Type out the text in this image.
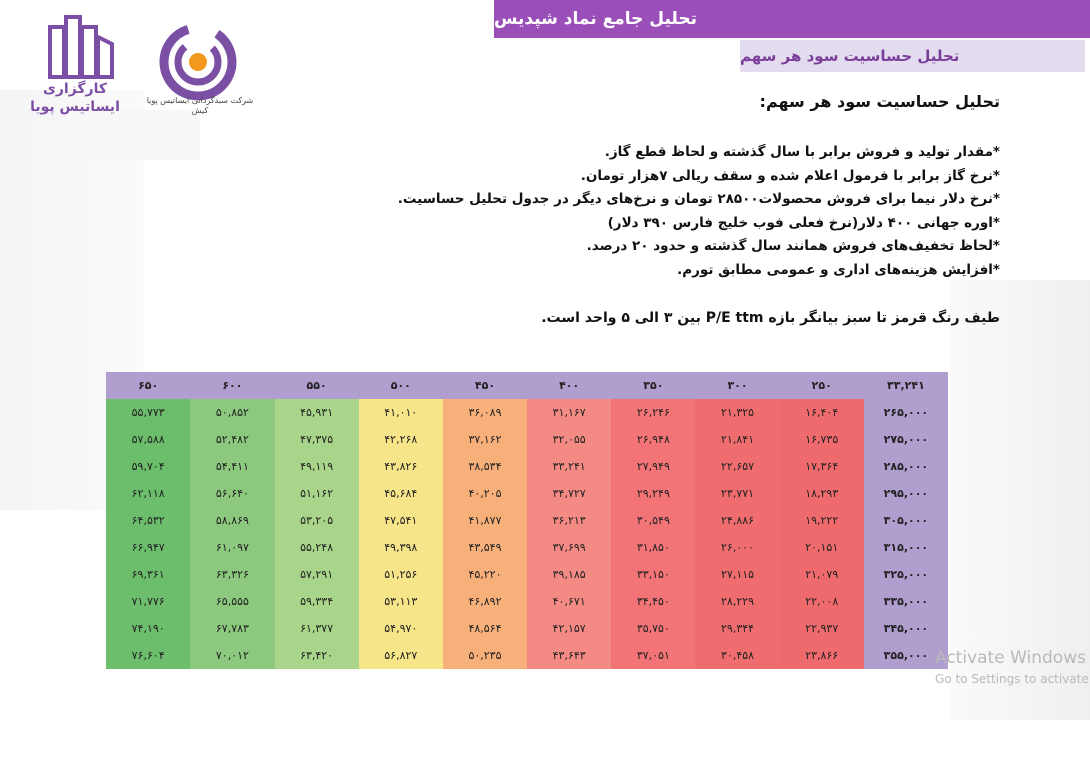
تحلیل جامع نماد شپدیس
تحلیل حساسیت سود هر سهم
کارگزاری ایساتیس پویا	شرکت سبدگردانی ایساتیس پویا کیش	تحلیل حساسیت سود هر سهم:

*مقدار تولید و فروش برابر با سال گذشته و لحاظ قطع گاز.

*نرخ گاز برابر با فرمول اعلام شده و سقف ریالی ۷هزار تومان.

*نرخ دلار نیما برای فروش محصولات۲۸۵۰۰ تومان و نرخ‌های دیگر در جدول تحلیل حساسیت.

*اوره جهانی ۴۰۰ دلار(نرخ فعلی فوب خلیج فارس ۳۹۰ دلار)

*لحاظ تخفیف‌های فروش همانند سال گذشته و حدود ۲۰ درصد.

*افزایش هزینه‌های اداری و عمومی مطابق تورم.

طیف رنگ قرمز تا سبز بیانگر بازه P/E ttm بین ۳ الی ۵ واحد است.

۳۳,۲۴۱	۲۵۰	۳۰۰	۳۵۰	۴۰۰	۴۵۰	۵۰۰	۵۵۰	۶۰۰	۶۵۰
۲۶۵,۰۰۰	۱۶,۴۰۴	۲۱,۳۲۵	۲۶,۲۴۶	۳۱,۱۶۷	۳۶,۰۸۹	۴۱,۰۱۰	۴۵,۹۳۱	۵۰,۸۵۲	۵۵,۷۷۳
۲۷۵,۰۰۰	۱۶,۷۳۵	۲۱,۸۴۱	۲۶,۹۴۸	۳۲,۰۵۵	۳۷,۱۶۲	۴۲,۲۶۸	۴۷,۳۷۵	۵۲,۴۸۲	۵۷,۵۸۸
۲۸۵,۰۰۰	۱۷,۳۶۴	۲۲,۶۵۷	۲۷,۹۴۹	۳۳,۲۴۱	۳۸,۵۳۴	۴۳,۸۲۶	۴۹,۱۱۹	۵۴,۴۱۱	۵۹,۷۰۴
۲۹۵,۰۰۰	۱۸,۲۹۳	۲۳,۷۷۱	۲۹,۲۴۹	۳۴,۷۲۷	۴۰,۲۰۵	۴۵,۶۸۴	۵۱,۱۶۲	۵۶,۶۴۰	۶۲,۱۱۸
۳۰۵,۰۰۰	۱۹,۲۲۲	۲۴,۸۸۶	۳۰,۵۴۹	۳۶,۲۱۳	۴۱,۸۷۷	۴۷,۵۴۱	۵۳,۲۰۵	۵۸,۸۶۹	۶۴,۵۳۲
۳۱۵,۰۰۰	۲۰,۱۵۱	۲۶,۰۰۰	۳۱,۸۵۰	۳۷,۶۹۹	۴۳,۵۴۹	۴۹,۳۹۸	۵۵,۲۴۸	۶۱,۰۹۷	۶۶,۹۴۷
۳۲۵,۰۰۰	۲۱,۰۷۹	۲۷,۱۱۵	۳۳,۱۵۰	۳۹,۱۸۵	۴۵,۲۲۰	۵۱,۲۵۶	۵۷,۲۹۱	۶۳,۳۲۶	۶۹,۳۶۱
۳۳۵,۰۰۰	۲۲,۰۰۸	۲۸,۲۲۹	۳۴,۴۵۰	۴۰,۶۷۱	۴۶,۸۹۲	۵۳,۱۱۳	۵۹,۳۳۴	۶۵,۵۵۵	۷۱,۷۷۶
۳۴۵,۰۰۰	۲۲,۹۳۷	۲۹,۳۴۴	۳۵,۷۵۰	۴۲,۱۵۷	۴۸,۵۶۴	۵۴,۹۷۰	۶۱,۳۷۷	۶۷,۷۸۳	۷۴,۱۹۰
۳۵۵,۰۰۰	۲۳,۸۶۶	۳۰,۴۵۸	۳۷,۰۵۱	۴۳,۶۴۳	۵۰,۲۳۵	۵۶,۸۲۷	۶۳,۴۲۰	۷۰,۰۱۲	۷۶,۶۰۴	Activate Windows
Go to Settings to activate
